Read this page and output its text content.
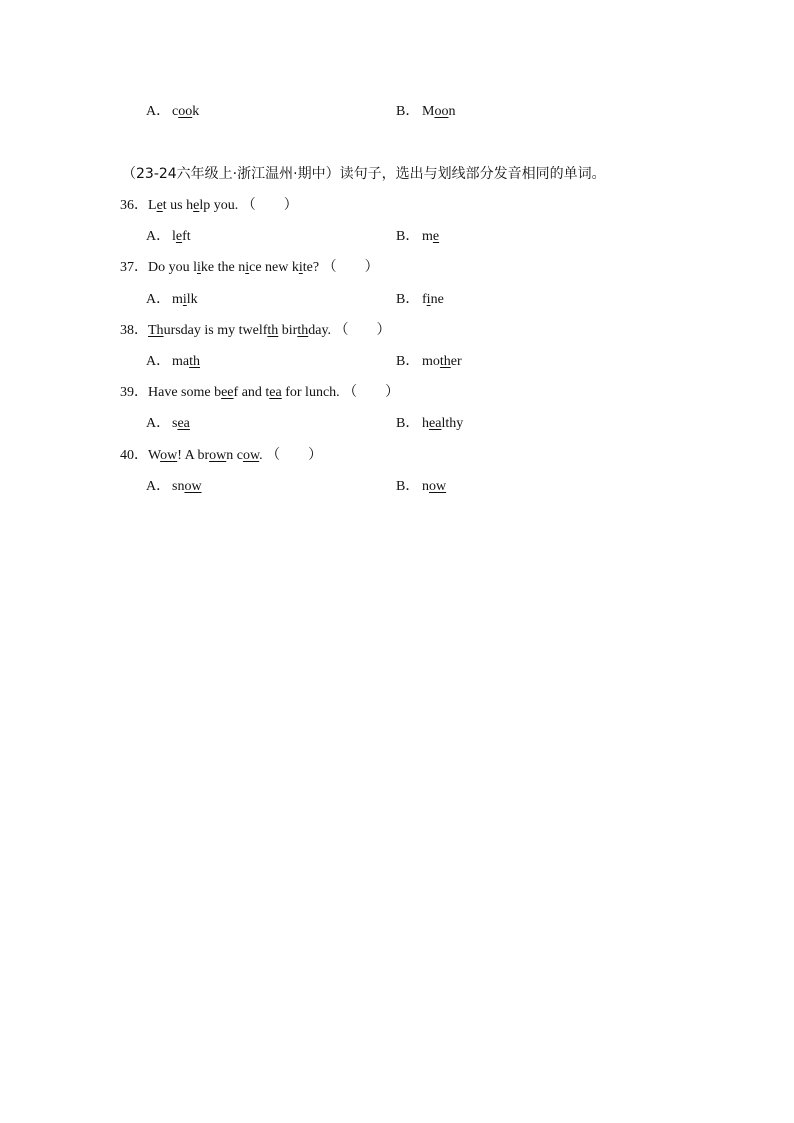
A． cook	B． Moon
（23-24六年级上·浙江温州·期中）读句子，选出与划线部分发音相同的单词。
36．Let us help you. （　　）
A． left	B． me
37．Do you like the nice new kite? （　　）
A． milk	B． fine
38．Thursday is my twelfth birthday. （　　）
A． math	B． mother
39．Have some beef and tea for lunch. （　　）
A． sea	B． healthy
40．Wow! A brown cow. （　　）
A． snow	B． now
